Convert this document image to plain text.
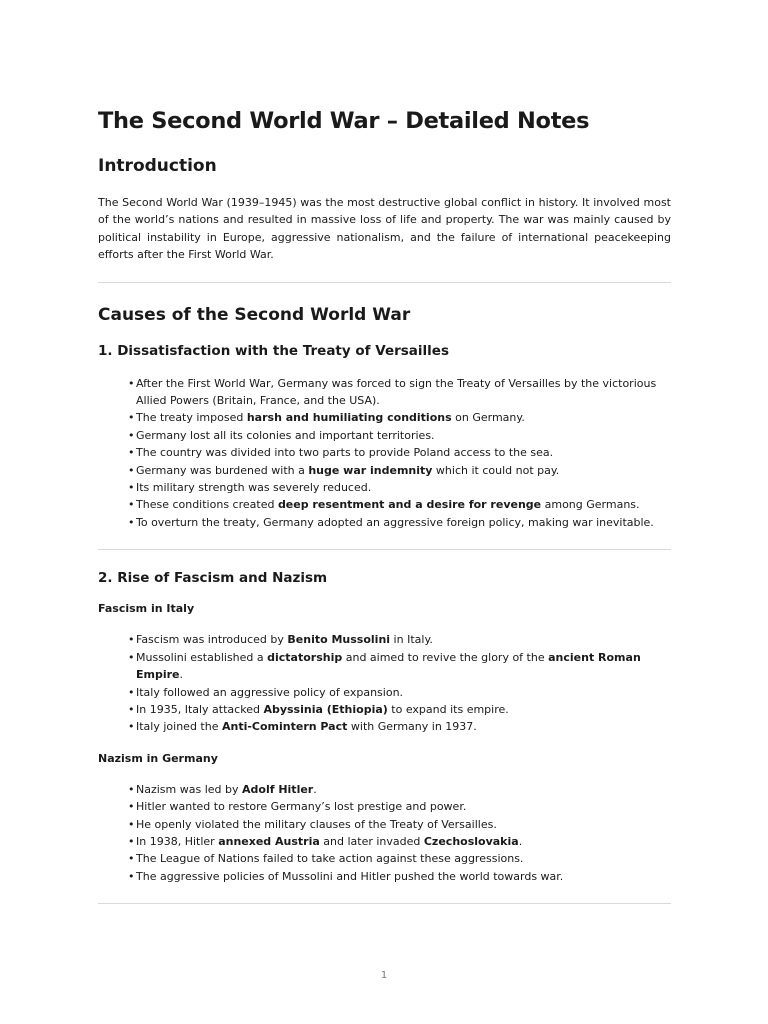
The Second World War – Detailed Notes
Introduction

The Second World War (1939–1945) was the most destructive global conflict in history. It involved most of the world’s nations and resulted in massive loss of life and property. The war was mainly caused by political instability in Europe, aggressive nationalism, and the failure of international peacekeeping efforts after the First World War.

Causes of the Second World War
1. Dissatisfaction with the Treaty of Versailles
• After the First World War, Germany was forced to sign the Treaty of Versailles by the victorious Allied Powers (Britain, France, and the USA).
• The treaty imposed harsh and humiliating conditions on Germany.
• Germany lost all its colonies and important territories.
• The country was divided into two parts to provide Poland access to the sea.
• Germany was burdened with a huge war indemnity which it could not pay.
• Its military strength was severely reduced.
• These conditions created deep resentment and a desire for revenge among Germans.
• To overturn the treaty, Germany adopted an aggressive foreign policy, making war inevitable.
2. Rise of Fascism and Nazism
Fascism in Italy
• Fascism was introduced by Benito Mussolini in Italy.
• Mussolini established a dictatorship and aimed to revive the glory of the ancient Roman Empire.
• Italy followed an aggressive policy of expansion.
• In 1935, Italy attacked Abyssinia (Ethiopia) to expand its empire.
• Italy joined the Anti-Comintern Pact with Germany in 1937.
Nazism in Germany
• Nazism was led by Adolf Hitler.
• Hitler wanted to restore Germany’s lost prestige and power.
• He openly violated the military clauses of the Treaty of Versailles.
• In 1938, Hitler annexed Austria and later invaded Czechoslovakia.
• The League of Nations failed to take action against these aggressions.
• The aggressive policies of Mussolini and Hitler pushed the world towards war.
1
